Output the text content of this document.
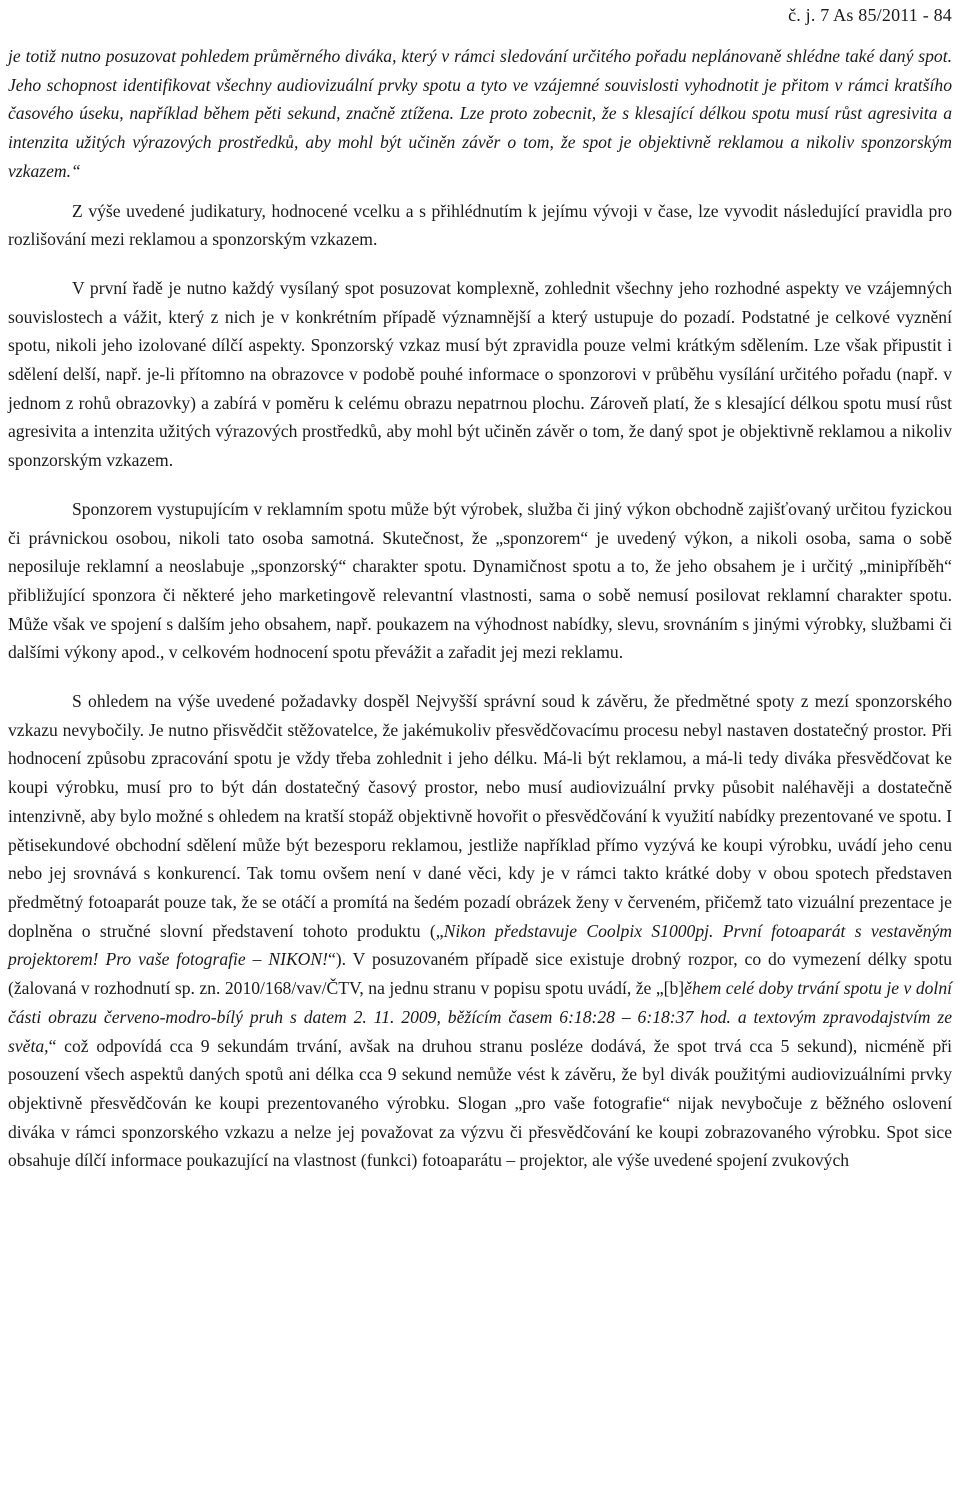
č. j. 7 As 85/2011 - 84

je totiž nutno posuzovat pohledem průměrného diváka, který v rámci sledování určitého pořadu neplánovaně shlédne také daný spot. Jeho schopnost identifikovat všechny audiovizuální prvky spotu a tyto ve vzájemné souvislosti vyhodnotit je přitom v rámci kratšího časového úseku, například během pěti sekund, značně ztížena. Lze proto zobecnit, že s klesající délkou spotu musí růst agresivita a intenzita užitých výrazových prostředků, aby mohl být učiněn závěr o tom, že spot je objektivně reklamou a nikoliv sponzorským vzkazem.“

Z výše uvedené judikatury, hodnocené vcelku a s přihlédnutím k jejímu vývoji v čase, lze vyvodit následující pravidla pro rozlišování mezi reklamou a sponzorským vzkazem.

V první řadě je nutno každý vysílaný spot posuzovat komplexně, zohlednit všechny jeho rozhodné aspekty ve vzájemných souvislostech a vážit, který z nich je v konkrétním případě významnější a který ustupuje do pozadí. Podstatné je celkové vyznění spotu, nikoli jeho izolované dílčí aspekty. Sponzorský vzkaz musí být zpravidla pouze velmi krátkým sdělením. Lze však připustit i sdělení delší, např. je-li přítomno na obrazovce v podobě pouhé informace o sponzorovi v průběhu vysílání určitého pořadu (např. v jednom z rohů obrazovky) a zabírá v poměru k celému obrazu nepatrnou plochu. Zároveň platí, že s klesající délkou spotu musí růst agresivita a intenzita užitých výrazových prostředků, aby mohl být učiněn závěr o tom, že daný spot je objektivně reklamou a nikoliv sponzorským vzkazem.

Sponzorem vystupujícím v reklamním spotu může být výrobek, služba či jiný výkon obchodně zajišťovaný určitou fyzickou či právnickou osobou, nikoli tato osoba samotná. Skutečnost, že „sponzorem“ je uvedený výkon, a nikoli osoba, sama o sobě neposiluje reklamní a neoslabuje „sponzorský“ charakter spotu. Dynamičnost spotu a to, že jeho obsahem je i určitý „minipříběh“ přibližující sponzora či některé jeho marketingově relevantní vlastnosti, sama o sobě nemusí posilovat reklamní charakter spotu. Může však ve spojení s dalším jeho obsahem, např. poukazem na výhodnost nabídky, slevu, srovnáním s jinými výrobky, službami či dalšími výkony apod., v celkovém hodnocení spotu převážit a zařadit jej mezi reklamu.

S ohledem na výše uvedené požadavky dospěl Nejvyšší správní soud k závěru, že předmětné spoty z mezí sponzorského vzkazu nevybočily. Je nutno přisvědčit stěžovatelce, že jakémukoliv přesvědčovacímu procesu nebyl nastaven dostatečný prostor. Při hodnocení způsobu zpracování spotu je vždy třeba zohlednit i jeho délku. Má-li být reklamou, a má-li tedy diváka přesvědčovat ke koupi výrobku, musí pro to být dán dostatečný časový prostor, nebo musí audiovizuální prvky působit naléhavěji a dostatečně intenzivně, aby bylo možné s ohledem na kratší stopáž objektivně hovořit o přesvědčování k využití nabídky prezentované ve spotu. I pětisekundové obchodní sdělení může být bezesporu reklamou, jestliže například přímo vyzývá ke koupi výrobku, uvádí jeho cenu nebo jej srovnává s konkurencí. Tak tomu ovšem není v dané věci, kdy je v rámci takto krátké doby v obou spotech představen předmětný fotoaparát pouze tak, že se otáčí a promítá na šedém pozadí obrázek ženy v červeném, přičemž tato vizuální prezentace je doplněna o stručné slovní představení tohoto produktu („Nikon představuje Coolpix S1000pj. První fotoaparát s vestavěným projektorem! Pro vaše fotografie – NIKON!“). V posuzovaném případě sice existuje drobný rozpor, co do vymezení délky spotu (žalovaná v rozhodnutí sp. zn. 2010/168/vav/ČTV, na jednu stranu v popisu spotu uvádí, že „[b]ěhem celé doby trvání spotu je v dolní části obrazu červeno-modro-bílý pruh s datem 2. 11. 2009, běžícím časem 6:18:28 – 6:18:37 hod. a textovým zpravodajstvím ze světa,“ což odpovídá cca 9 sekundám trvání, avšak na druhou stranu posléze dodává, že spot trvá cca 5 sekund), nicméně při posouzení všech aspektů daných spotů ani délka cca 9 sekund nemůže vést k závěru, že byl divák použitými audiovizuálními prvky objektivně přesvědčován ke koupi prezentovaného výrobku. Slogan „pro vaše fotografie“ nijak nevybočuje z běžného oslovení diváka v rámci sponzorského vzkazu a nelze jej považovat za výzvu či přesvědčování ke koupi zobrazovaného výrobku. Spot sice obsahuje dílčí informace poukazující na vlastnost (funkci) fotoaparátu – projektor, ale výše uvedené spojení zvukových
